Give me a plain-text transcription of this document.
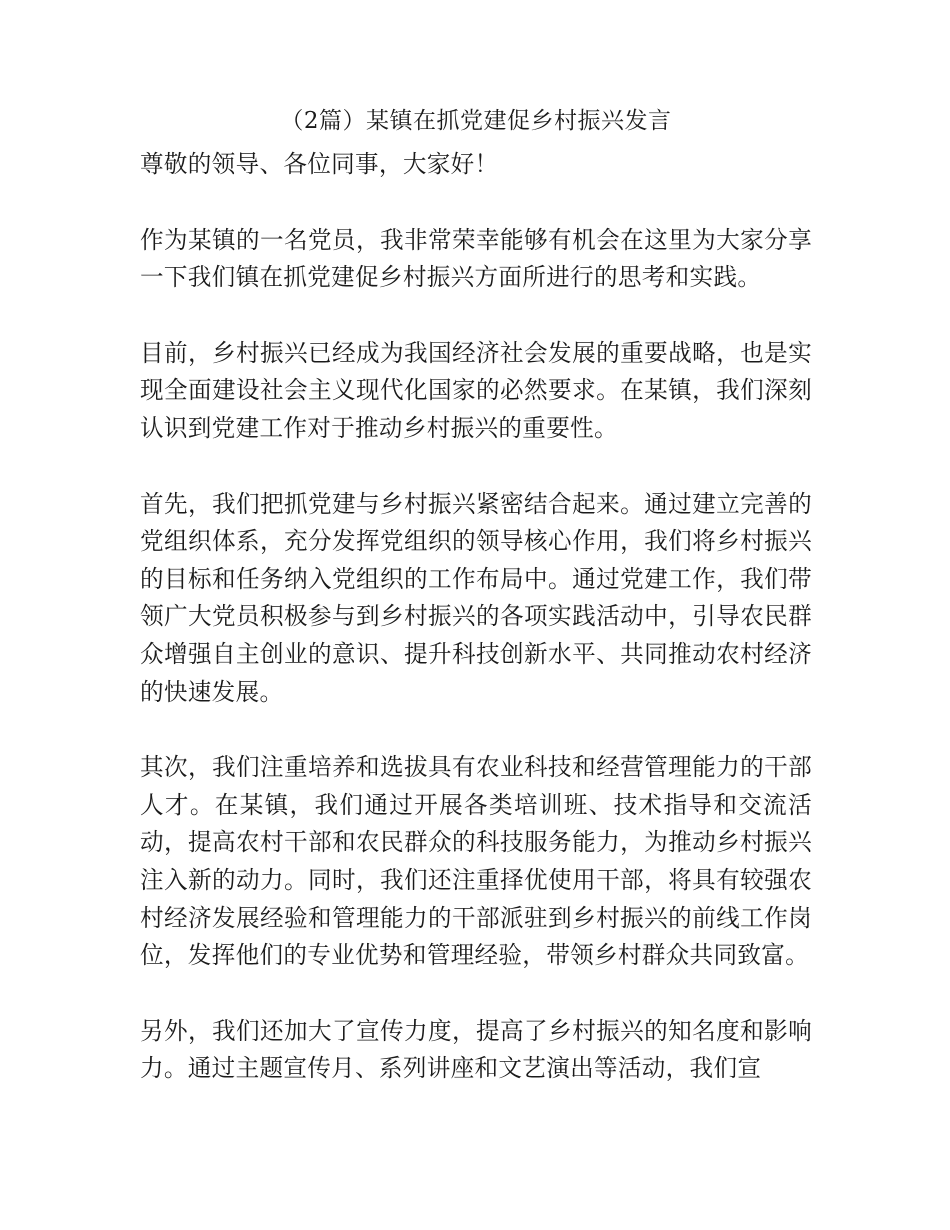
（2篇）某镇在抓党建促乡村振兴发言

尊敬的领导、各位同事，大家好！

作为某镇的一名党员，我非常荣幸能够有机会在这里为大家分享一下我们镇在抓党建促乡村振兴方面所进行的思考和实践。

目前，乡村振兴已经成为我国经济社会发展的重要战略，也是实现全面建设社会主义现代化国家的必然要求。在某镇，我们深刻认识到党建工作对于推动乡村振兴的重要性。

首先，我们把抓党建与乡村振兴紧密结合起来。通过建立完善的党组织体系，充分发挥党组织的领导核心作用，我们将乡村振兴的目标和任务纳入党组织的工作布局中。通过党建工作，我们带领广大党员积极参与到乡村振兴的各项实践活动中，引导农民群众增强自主创业的意识、提升科技创新水平、共同推动农村经济的快速发展。

其次，我们注重培养和选拔具有农业科技和经营管理能力的干部人才。在某镇，我们通过开展各类培训班、技术指导和交流活动，提高农村干部和农民群众的科技服务能力，为推动乡村振兴注入新的动力。同时，我们还注重择优使用干部，将具有较强农村经济发展经验和管理能力的干部派驻到乡村振兴的前线工作岗位，发挥他们的专业优势和管理经验，带领乡村群众共同致富。

另外，我们还加大了宣传力度，提高了乡村振兴的知名度和影响力。通过主题宣传月、系列讲座和文艺演出等活动，我们宣
